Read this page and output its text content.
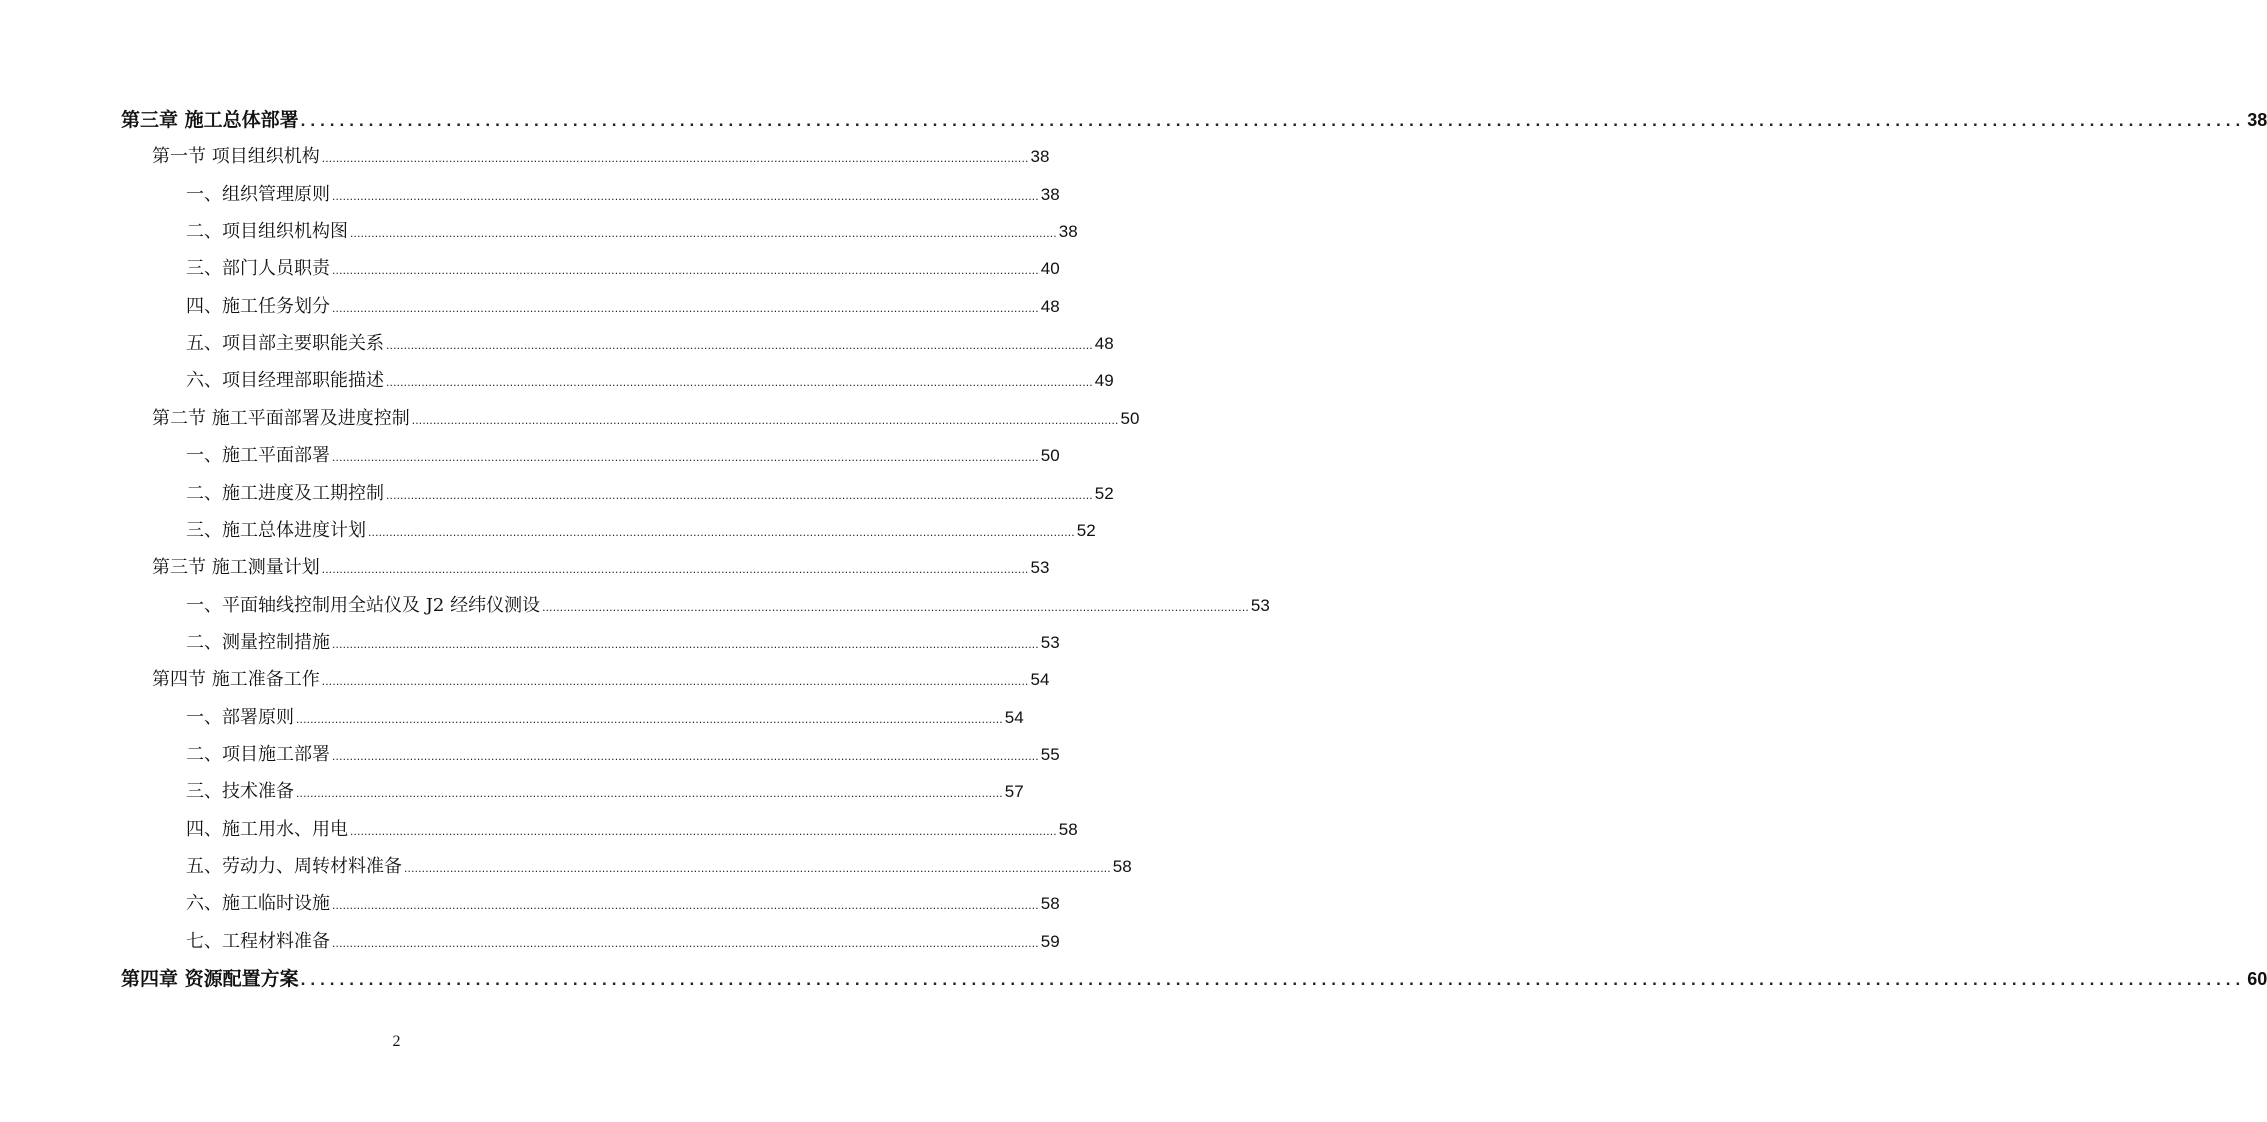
第三章 施工总体部署 ........................................................................................................................................................................................................ 38
第一节 项目组织机构 ........................................................................................................................................................................................................ 38
一、组织管理原则 ........................................................................................................................................................................................................ 38
二、项目组织机构图 ........................................................................................................................................................................................................ 38
三、部门人员职责 ........................................................................................................................................................................................................ 40
四、施工任务划分 ........................................................................................................................................................................................................ 48
五、项目部主要职能关系 ........................................................................................................................................................................................................ 48
六、项目经理部职能描述 ........................................................................................................................................................................................................ 49
第二节 施工平面部署及进度控制 ........................................................................................................................................................................................................ 50
一、施工平面部署 ........................................................................................................................................................................................................ 50
二、施工进度及工期控制 ........................................................................................................................................................................................................ 52
三、施工总体进度计划 ........................................................................................................................................................................................................ 52
第三节 施工测量计划 ........................................................................................................................................................................................................ 53
一、平面轴线控制用全站仪及 J2 经纬仪测设 ........................................................................................................................................................................................................ 53
二、测量控制措施 ........................................................................................................................................................................................................ 53
第四节 施工准备工作 ........................................................................................................................................................................................................ 54
一、部署原则 ........................................................................................................................................................................................................ 54
二、项目施工部署 ........................................................................................................................................................................................................ 55
三、技术准备 ........................................................................................................................................................................................................ 57
四、施工用水、用电 ........................................................................................................................................................................................................ 58
五、劳动力、周转材料准备 ........................................................................................................................................................................................................ 58
六、施工临时设施 ........................................................................................................................................................................................................ 58
七、工程材料准备 ........................................................................................................................................................................................................ 59
第四章 资源配置方案 ........................................................................................................................................................................................................ 60
2
